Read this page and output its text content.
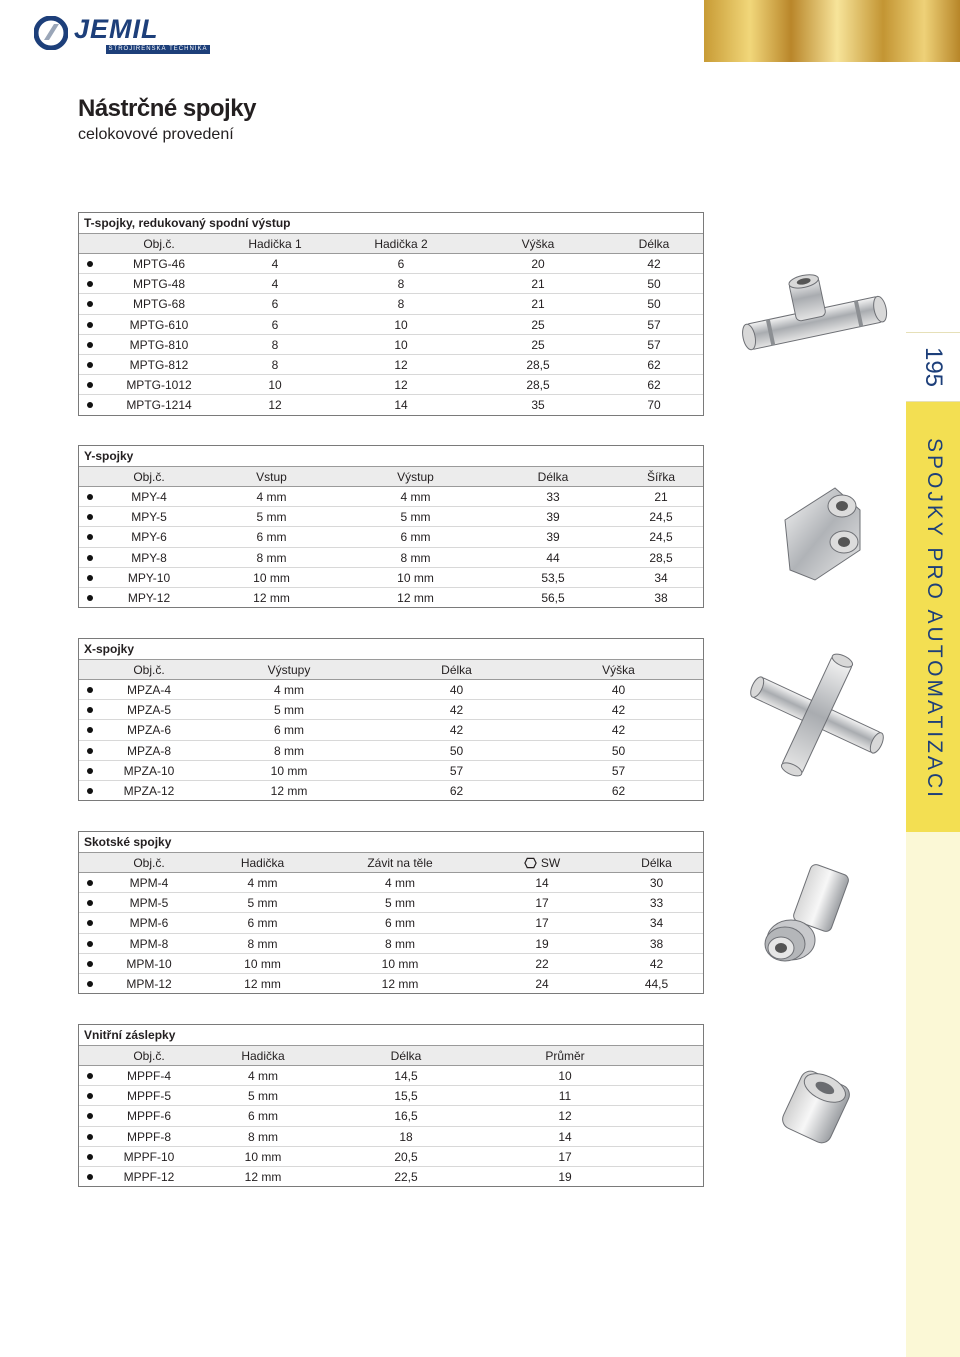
JEMIL
STROJIRENSKÁ TECHNIKA
195
SPOJKY PRO AUTOMATIZACI
Nástrčné spojky
celokovové provedení
T-spojky, redukovaný spodní výstup
Obj.č.	Hadička 1	Hadička 2	Výška	Délka
MPTG-46	4	6	20	42
MPTG-48	4	8	21	50
MPTG-68	6	8	21	50
MPTG-610	6	10	25	57
MPTG-810	8	10	25	57
MPTG-812	8	12	28,5	62
MPTG-1012	10	12	28,5	62
MPTG-1214	12	14	35	70
Y-spojky
Obj.č.	Vstup	Výstup	Délka	Šířka
MPY-4	4 mm	4 mm	33	21
MPY-5	5 mm	5 mm	39	24,5
MPY-6	6 mm	6 mm	39	24,5
MPY-8	8 mm	8 mm	44	28,5
MPY-10	10 mm	10 mm	53,5	34
MPY-12	12 mm	12 mm	56,5	38
X-spojky
Obj.č.	Výstupy	Délka	Výška
MPZA-4	4 mm	40	40
MPZA-5	5 mm	42	42
MPZA-6	6 mm	42	42
MPZA-8	8 mm	50	50
MPZA-10	10 mm	57	57
MPZA-12	12 mm	62	62
Skotské spojky
Obj.č.	Hadička	Závit na těle	SW	Délka
MPM-4	4 mm	4 mm	14	30
MPM-5	5 mm	5 mm	17	33
MPM-6	6 mm	6 mm	17	34
MPM-8	8 mm	8 mm	19	38
MPM-10	10 mm	10 mm	22	42
MPM-12	12 mm	12 mm	24	44,5
Vnitřní záslepky
Obj.č.	Hadička	Délka	Průměr
MPPF-4	4 mm	14,5	10
MPPF-5	5 mm	15,5	11
MPPF-6	6 mm	16,5	12
MPPF-8	8 mm	18	14
MPPF-10	10 mm	20,5	17
MPPF-12	12 mm	22,5	19
